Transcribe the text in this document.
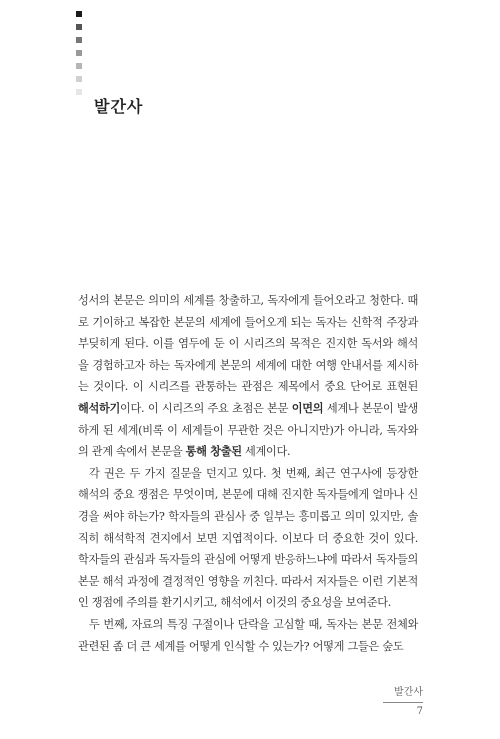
발간사

성서의 본문은 의미의 세계를 창출하고, 독자에게 들어오라고 청한다. 때로 기이하고 복잡한 본문의 세계에 들어오게 되는 독자는 신학적 주장과 부딪히게 된다. 이를 염두에 둔 이 시리즈의 목적은 진지한 독서와 해석을 경험하고자 하는 독자에게 본문의 세계에 대한 여행 안내서를 제시하는 것이다. 이 시리즈를 관통하는 관점은 제목에서 중요 단어로 표현된 해석하기이다. 이 시리즈의 주요 초점은 본문 이면의 세계나 본문이 발생하게 된 세계(비록 이 세계들이 무관한 것은 아니지만)가 아니라, 독자와의 관계 속에서 본문을 통해 창출된 세계이다.

각 권은 두 가지 질문을 던지고 있다. 첫 번째, 최근 연구사에 등장한 해석의 중요 쟁점은 무엇이며, 본문에 대해 진지한 독자들에게 얼마나 신경을 써야 하는가? 학자들의 관심사 중 일부는 흥미롭고 의미 있지만, 솔직히 해석학적 견지에서 보면 지엽적이다. 이보다 더 중요한 것이 있다. 학자들의 관심과 독자들의 관심에 어떻게 반응하느냐에 따라서 독자들의 본문 해석 과정에 결정적인 영향을 끼친다. 따라서 저자들은 이런 기본적인 쟁점에 주의를 환기시키고, 해석에서 이것의 중요성을 보여준다.

두 번째, 자료의 특징 구절이나 단락을 고심할 때, 독자는 본문 전체와 관련된 좀 더 큰 세계를 어떻게 인식할 수 있는가? 어떻게 그들은 숲도

발간사
7
